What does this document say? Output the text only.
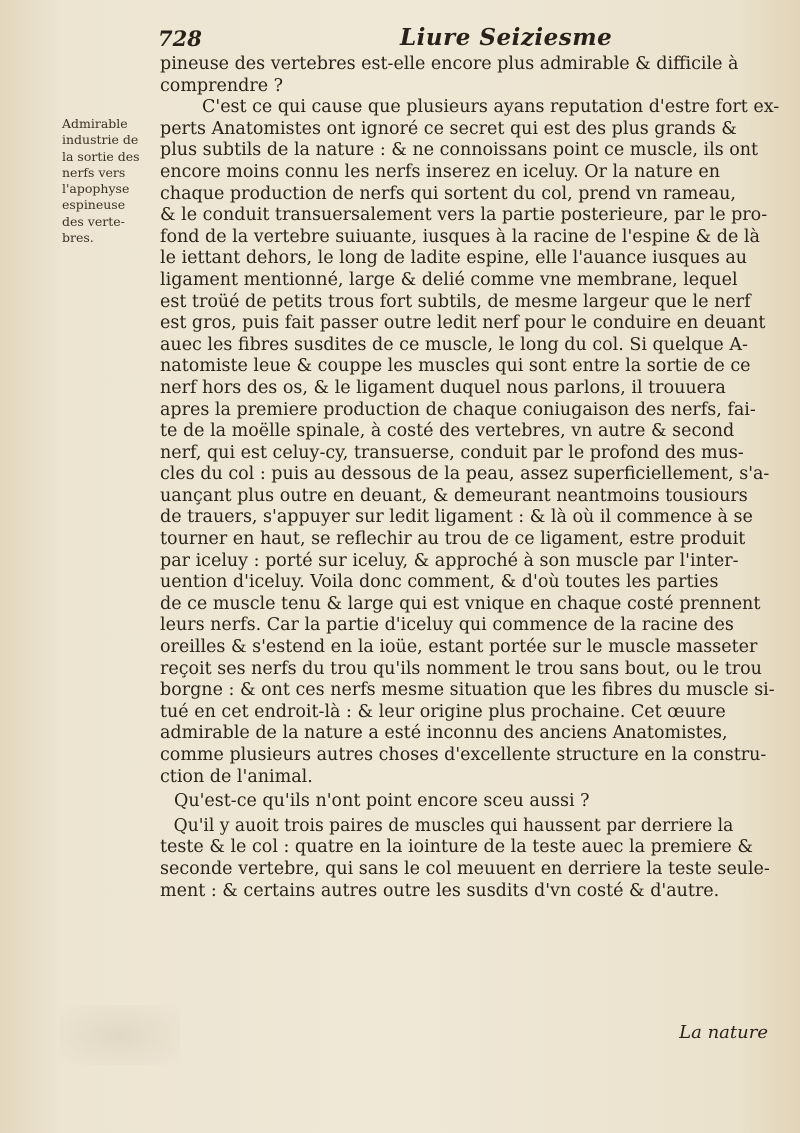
728	Liure Seiziesme
Admirable
industrie de
la sortie des
nerfs vers
l'apophyse
espineuse
des verte-
bres.
pineuse des vertebres est-elle encore plus admirable & difficile à
comprendre ?
C'est ce qui cause que plusieurs ayans reputation d'estre fort ex-
perts Anatomistes ont ignoré ce secret qui est des plus grands &
plus subtils de la nature : & ne connoissans point ce muscle, ils ont
encore moins connu les nerfs inserez en iceluy. Or la nature en
chaque production de nerfs qui sortent du col, prend vn rameau,
& le conduit transuersalement vers la partie posterieure, par le pro-
fond de la vertebre suiuante, iusques à la racine de l'espine & de là
le iettant dehors, le long de ladite espine, elle l'auance iusques au
ligament mentionné, large & delié comme vne membrane, lequel
est troüé de petits trous fort subtils, de mesme largeur que le nerf
est gros, puis fait passer outre ledit nerf pour le conduire en deuant
auec les fibres susdites de ce muscle, le long du col. Si quelque A-
natomiste leue & couppe les muscles qui sont entre la sortie de ce
nerf hors des os, & le ligament duquel nous parlons, il trouuera
apres la premiere production de chaque coniugaison des nerfs, fai-
te de la moëlle spinale, à costé des vertebres, vn autre & second
nerf, qui est celuy-cy, transuerse, conduit par le profond des mus-
cles du col : puis au dessous de la peau, assez superficiellement, s'a-
uançant plus outre en deuant, & demeurant neantmoins tousiours
de trauers, s'appuyer sur ledit ligament : & là où il commence à se
tourner en haut, se reflechir au trou de ce ligament, estre produit
par iceluy : porté sur iceluy, & approché à son muscle par l'inter-
uention d'iceluy. Voila donc comment, & d'où toutes les parties
de ce muscle tenu & large qui est vnique en chaque costé prennent
leurs nerfs. Car la partie d'iceluy qui commence de la racine des
oreilles & s'estend en la ioüe, estant portée sur le muscle masseter
reçoit ses nerfs du trou qu'ils nomment le trou sans bout, ou le trou
borgne : & ont ces nerfs mesme situation que les fibres du muscle si-
tué en cet endroit-là : & leur origine plus prochaine. Cet œuure
admirable de la nature a esté inconnu des anciens Anatomistes,
comme plusieurs autres choses d'excellente structure en la constru-
ction de l'animal.
Qu'est-ce qu'ils n'ont point encore sceu aussi ?
Qu'il y auoit trois paires de muscles qui haussent par derriere la
teste & le col : quatre en la iointure de la teste auec la premiere &
seconde vertebre, qui sans le col meuuent en derriere la teste seule-
ment : & certains autres outre les susdits d'vn costé & d'autre.
La nature
